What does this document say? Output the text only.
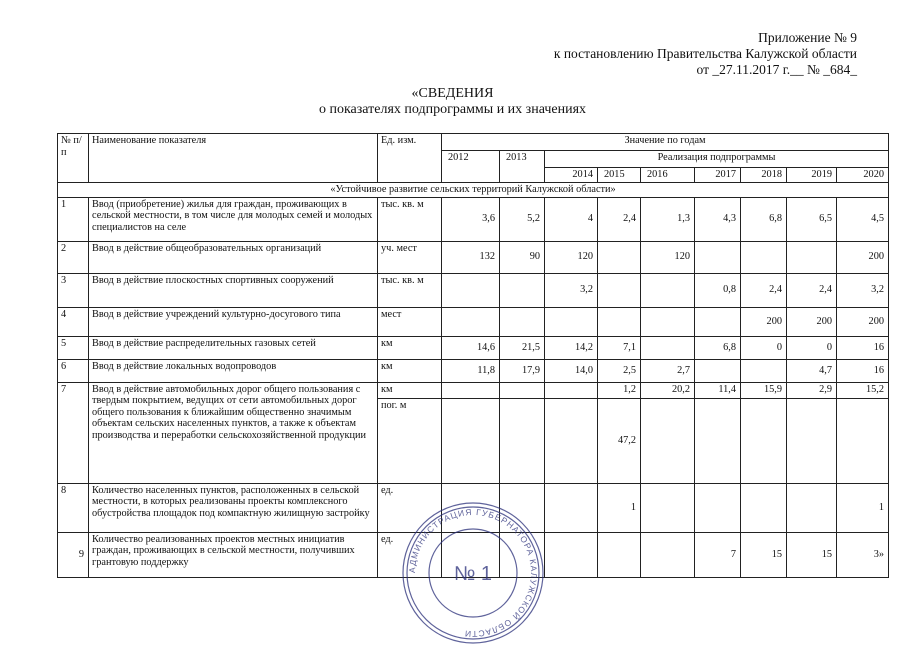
Приложение № 9
к постановлению Правительства Калужской области
от _27.11.2017 г.__ № _684_
«СВЕДЕНИЯ
о показателях подпрограммы и их значениях
№ п/п	Наименование показателя	Ед. изм.	Значение по годам								
			2012	2013	Реализация подпрограммы						
					2014	2015	2016	2017	2018	2019	2020
«Устойчивое развитие сельских территорий Калужской области»											
1	Ввод (приобретение) жилья для граждан, проживающих в сельской местности, в том числе для молодых семей и молодых специалистов на селе	тыс. кв. м	3,6	5,2	4	2,4	1,3	4,3	6,8	6,5	4,5
2	Ввод в действие общеобразовательных организаций	уч. мест	132	90	120		120				200
3	Ввод в действие плоскостных спортивных сооружений	тыс. кв. м			3,2			0,8	2,4	2,4	3,2
4	Ввод в действие учреждений культурно-досугового типа	мест							200	200	200
5	Ввод в действие распределительных газовых сетей	км	14,6	21,5	14,2	7,1		6,8	0	0	16
6	Ввод в действие локальных водопроводов	км	11,8	17,9	14,0	2,5	2,7			4,7	16
7	Ввод в действие автомобильных дорог общего пользования с твердым покрытием, ведущих от сети автомобильных дорог общего пользования к ближайшим общественно значимым объектам сельских населенных пунктов, а также к объектам производства и переработки сельскохозяйственной продукции	км				1,2	20,2	11,4	15,9	2,9	15,2
		пог. м				47,2					
8	Количество населенных пунктов, расположенных в сельской местности, в которых реализованы проекты комплексного обустройства площадок под компактную жилищную застройку	ед.				1					1
9	Количество реализованных проектов местных инициатив граждан, проживающих в сельской местности, получивших грантовую поддержку	ед.						7	15	15	3»
АДМИНИСТРАЦИЯ ГУБЕРНАТОРА КАЛУЖСКОЙ ОБЛАСТИ
№ 1
